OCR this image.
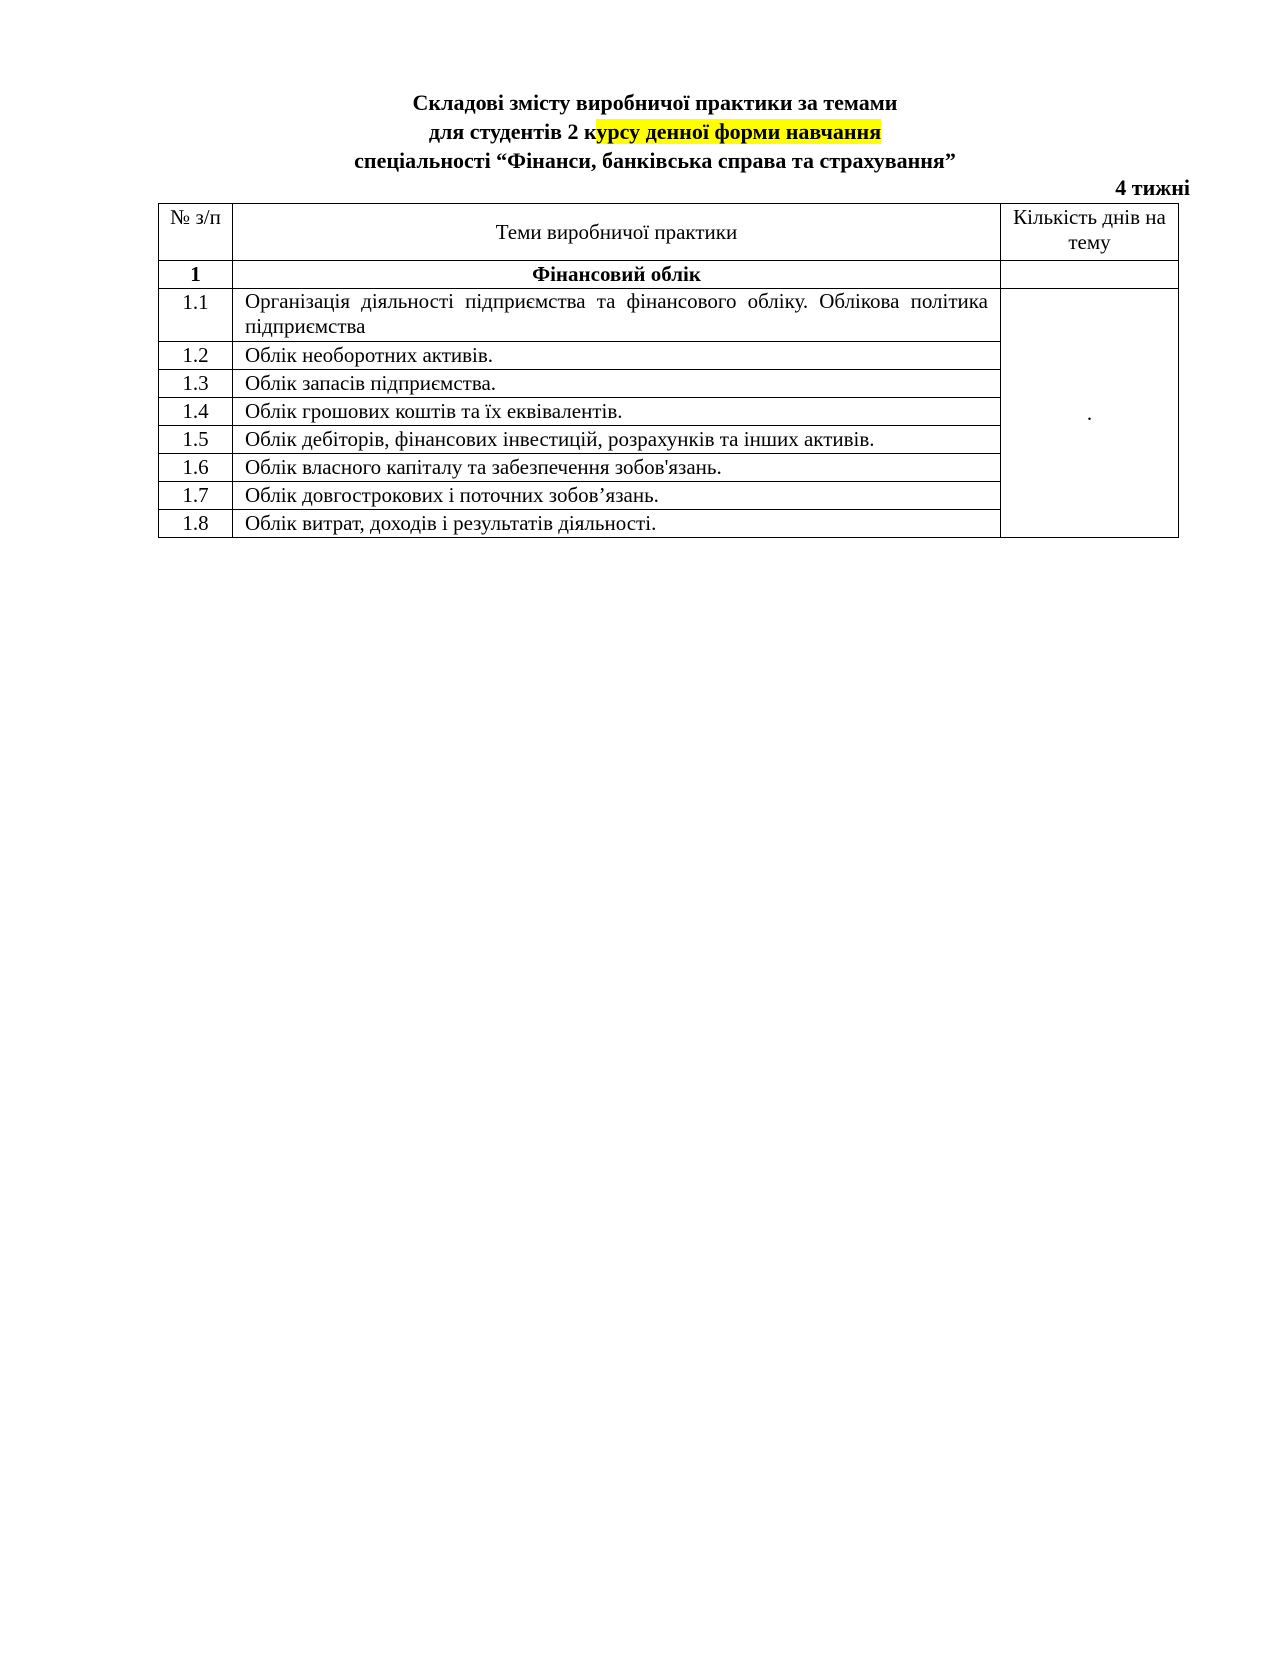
Складові змісту виробничої практики за темами
для студентів 2 курсу денної форми навчання
спеціальності “Фінанси, банківська справа та страхування”
4 тижні
№ з/п	Теми виробничої практики	Кількість днів на тему
1	Фінансовий облік	
1.1	Організація діяльності підприємства та фінансового обліку. Облікова політика підприємства	.
1.2	Облік необоротних активів.	
1.3	Облік запасів підприємства.	
1.4	Облік грошових коштів та їх еквівалентів.	
1.5	Облік дебіторів, фінансових інвестицій, розрахунків та інших активів.	
1.6	Облік власного капіталу та забезпечення зобов'язань.	
1.7	Облік довгострокових і поточних зобов’язань.	
1.8	Облік витрат, доходів і результатів діяльності.	
